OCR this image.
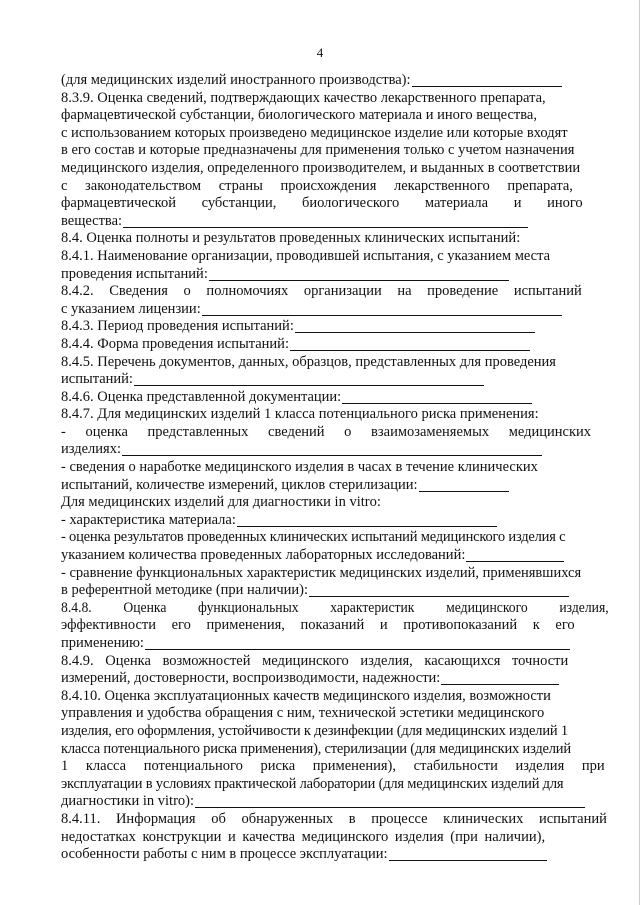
4
(для медицинских изделий иностранного производства):
8.3.9. Оценка сведений, подтверждающих качество лекарственного препарата,
фармацевтической субстанции, биологического материала и иного вещества,
с использованием которых произведено медицинское изделие или которые входят
в его состав и которые предназначены для применения только с учетом назначения
медицинского изделия, определенного производителем, и выданных в соответствии
с законодательством страны происхождения лекарственного препарата,
фармацевтической субстанции, биологического материала и иного
вещества:
8.4. Оценка полноты и результатов проведенных клинических испытаний:
8.4.1. Наименование организации, проводившей испытания, с указанием места
проведения испытаний:
8.4.2. Сведения о полномочиях организации на проведение испытаний
с указанием лицензии:
8.4.3. Период проведения испытаний:
8.4.4. Форма проведения испытаний:
8.4.5. Перечень документов, данных, образцов, представленных для проведения
испытаний:
8.4.6. Оценка представленной документации:
8.4.7. Для медицинских изделий 1 класса потенциального риска применения:
- оценка представленных сведений о взаимозаменяемых медицинских
изделиях:
- сведения о наработке медицинского изделия в часах в течение клинических
испытаний, количестве измерений, циклов стерилизации:
Для медицинских изделий для диагностики in vitro:
- характеристика материала:
- оценка результатов проведенных клинических испытаний медицинского изделия с
указанием количества проведенных лабораторных исследований:
- сравнение функциональных характеристик медицинских изделий, применявшихся
в референтной методике (при наличии):
8.4.8. Оценка функциональных характеристик медицинского изделия,
эффективности его применения, показаний и противопоказаний к его
применению:
8.4.9. Оценка возможностей медицинского изделия, касающихся точности
измерений, достоверности, воспроизводимости, надежности:
8.4.10. Оценка эксплуатационных качеств медицинского изделия, возможности
управления и удобства обращения с ним, технической эстетики медицинского
изделия, его оформления, устойчивости к дезинфекции (для медицинских изделий 1
класса потенциального риска применения), стерилизации (для медицинских изделий
1 класса потенциального риска применения), стабильности изделия при
эксплуатации в условиях практической лаборатории (для медицинских изделий для
диагностики in vitro):
8.4.11. Информация об обнаруженных в процессе клинических испытаний
недостатках конструкции и качества медицинского изделия (при наличии),
особенности работы с ним в процессе эксплуатации:
